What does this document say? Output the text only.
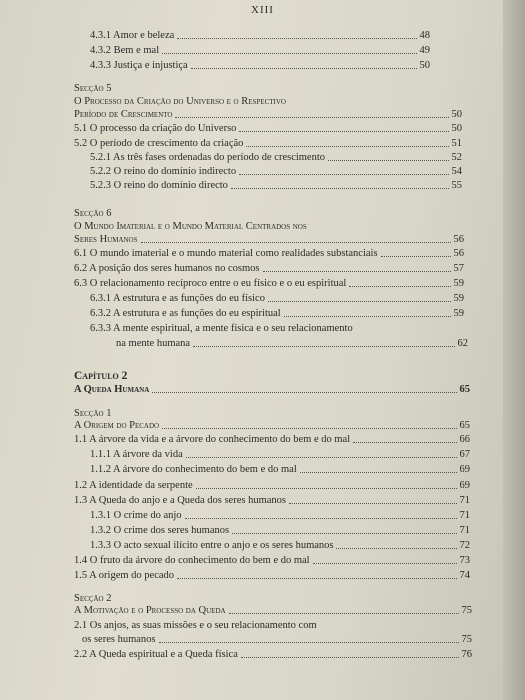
XIII
4.3.1 Amor e beleza	48
4.3.2 Bem e mal	49
4.3.3 Justiça e injustiça	50
Secção 5
O Processo da Criação do Universo e o Respectivo
Período de Crescimento	50
5.1 O processo da criação do Universo	50
5.2 O período de crescimento da criação	51
5.2.1 As três fases ordenadas do período de crescimento	52
5.2.2 O reino do domínio indirecto	54
5.2.3 O reino do domínio directo	55
Secção 6
O Mundo Imaterial e o Mundo Material Centrados nos
Seres Humanos	56
6.1 O mundo imaterial e o mundo material como realidades substanciais	56
6.2 A posição dos seres humanos no cosmos	57
6.3 O relacionamento recíproco entre o eu físico e o eu espiritual	59
6.3.1 A estrutura e as funções do eu físico	59
6.3.2 A estrutura e as funções do eu espiritual	59
6.3.3 A mente espiritual, a mente física e o seu relacionamento
na mente humana	62
Capítulo 2
A Queda Humana	65
Secção 1
A Origem do Pecado	65
1.1 A árvore da vida e a árvore do conhecimento do bem e do mal	66
1.1.1 A árvore da vida	67
1.1.2 A árvore do conhecimento do bem e do mal	69
1.2 A identidade da serpente	69
1.3 A Queda do anjo e a Queda dos seres humanos	71
1.3.1 O crime do anjo	71
1.3.2 O crime dos seres humanos	71
1.3.3 O acto sexual ilícito entre o anjo e os seres humanos	72
1.4 O fruto da árvore do conhecimento do bem e do mal	73
1.5 A origem do pecado	74
Secção 2
A Motivação e o Processo da Queda	75
2.1 Os anjos, as suas missões e o seu relacionamento com
os seres humanos	75
2.2 A Queda espiritual e a Queda física	76
